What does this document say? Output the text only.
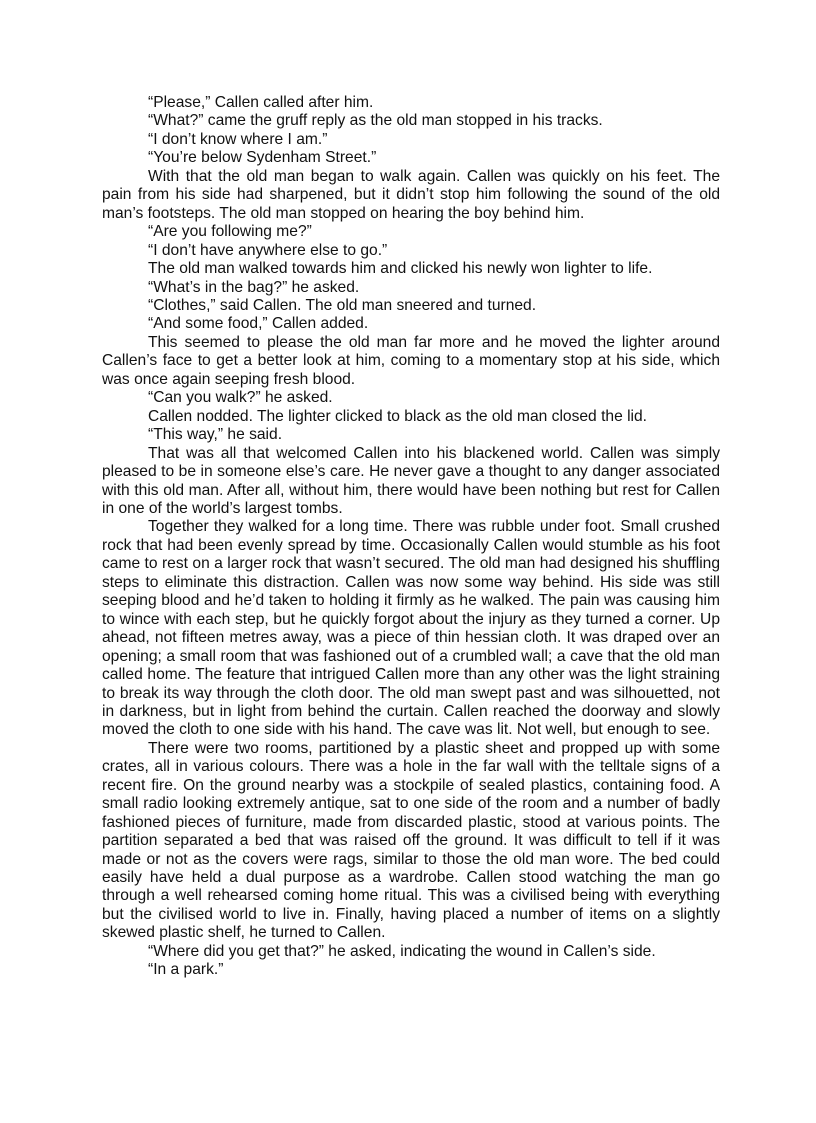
“Please,” Callen called after him.

“What?” came the gruff reply as the old man stopped in his tracks.

“I don’t know where I am.”

“You’re below Sydenham Street.”

With that the old man began to walk again. Callen was quickly on his feet. The pain from his side had sharpened, but it didn’t stop him following the sound of the old man’s footsteps. The old man stopped on hearing the boy behind him.

“Are you following me?”

“I don’t have anywhere else to go.”

The old man walked towards him and clicked his newly won lighter to life.

“What’s in the bag?” he asked.

“Clothes,” said Callen. The old man sneered and turned.

“And some food,” Callen added.

This seemed to please the old man far more and he moved the lighter around Callen’s face to get a better look at him, coming to a momentary stop at his side, which was once again seeping fresh blood.

“Can you walk?” he asked.

Callen nodded. The lighter clicked to black as the old man closed the lid.

“This way,” he said.

That was all that welcomed Callen into his blackened world. Callen was simply pleased to be in someone else’s care. He never gave a thought to any danger associated with this old man. After all, without him, there would have been nothing but rest for Callen in one of the world’s largest tombs.

Together they walked for a long time. There was rubble under foot. Small crushed rock that had been evenly spread by time. Occasionally Callen would stumble as his foot came to rest on a larger rock that wasn’t secured. The old man had designed his shuffling steps to eliminate this distraction. Callen was now some way behind. His side was still seeping blood and he’d taken to holding it firmly as he walked. The pain was causing him to wince with each step, but he quickly forgot about the injury as they turned a corner. Up ahead, not fifteen metres away, was a piece of thin hessian cloth. It was draped over an opening; a small room that was fashioned out of a crumbled wall; a cave that the old man called home. The feature that intrigued Callen more than any other was the light straining to break its way through the cloth door. The old man swept past and was silhouetted, not in darkness, but in light from behind the curtain. Callen reached the doorway and slowly moved the cloth to one side with his hand. The cave was lit. Not well, but enough to see.

There were two rooms, partitioned by a plastic sheet and propped up with some crates, all in various colours. There was a hole in the far wall with the telltale signs of a recent fire. On the ground nearby was a stockpile of sealed plastics, containing food. A small radio looking extremely antique, sat to one side of the room and a number of badly fashioned pieces of furniture, made from discarded plastic, stood at various points. The partition separated a bed that was raised off the ground. It was difficult to tell if it was made or not as the covers were rags, similar to those the old man wore. The bed could easily have held a dual purpose as a wardrobe. Callen stood watching the man go through a well rehearsed coming home ritual. This was a civilised being with everything but the civilised world to live in. Finally, having placed a number of items on a slightly skewed plastic shelf, he turned to Callen.

“Where did you get that?” he asked, indicating the wound in Callen’s side.

“In a park.”
